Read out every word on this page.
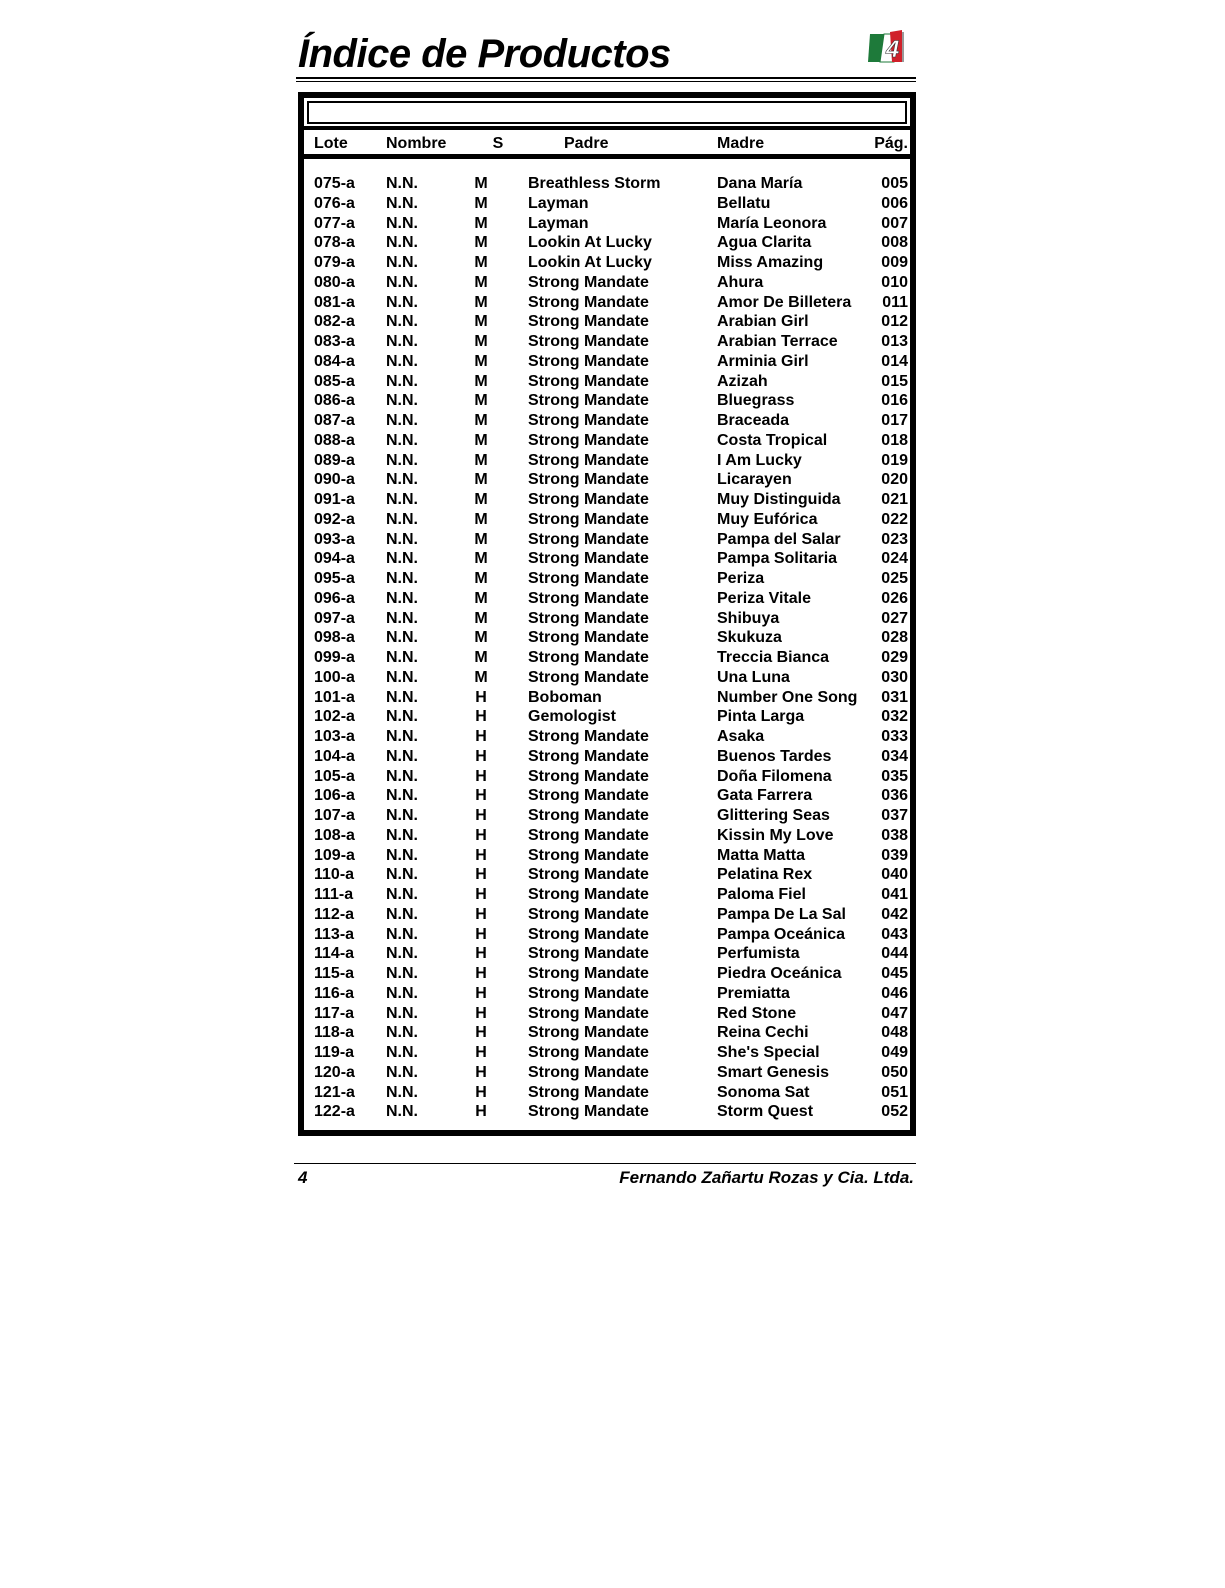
Índice de Productos	4
Lote Nombre	S	Padre	Madre	Pág.
075-a N.N.	M	Breathless Storm	Dana María	005
076-a N.N.	M	Layman	Bellatu	006
077-a N.N.	M	Layman	María Leonora	007
078-a N.N.	M	Lookin At Lucky	Agua Clarita	008
079-a N.N.	M	Lookin At Lucky	Miss Amazing	009
080-a N.N.	M	Strong Mandate	Ahura	010
081-a N.N.	M	Strong Mandate	Amor De Billetera 011
082-a N.N.	M	Strong Mandate	Arabian Girl	012
083-a N.N.	M	Strong Mandate	Arabian Terrace	013
084-a N.N.	M	Strong Mandate	Arminia Girl	014
085-a N.N.	M	Strong Mandate	Azizah	015
086-a N.N.	M	Strong Mandate	Bluegrass	016
087-a N.N.	M	Strong Mandate	Braceada	017
088-a N.N.	M	Strong Mandate	Costa Tropical	018
089-a N.N.	M	Strong Mandate	I Am Lucky	019
090-a N.N.	M	Strong Mandate	Licarayen	020
091-a N.N.	M	Strong Mandate	Muy Distinguida	021
092-a N.N.	M	Strong Mandate	Muy Eufórica	022
093-a N.N.	M	Strong Mandate	Pampa del Salar	023
094-a N.N.	M	Strong Mandate	Pampa Solitaria	024
095-a N.N.	M	Strong Mandate	Periza	025
096-a N.N.	M	Strong Mandate	Periza Vitale	026
097-a N.N.	M	Strong Mandate	Shibuya	027
098-a N.N.	M	Strong Mandate	Skukuza	028
099-a N.N.	M	Strong Mandate	Treccia Bianca	029
100-a N.N.	M	Strong Mandate	Una Luna	030
101-a N.N.	H	Boboman	Number One Song 031
102-a N.N.	H	Gemologist	Pinta Larga	032
103-a N.N.	H	Strong Mandate	Asaka	033
104-a N.N.	H	Strong Mandate	Buenos Tardes	034
105-a N.N.	H	Strong Mandate	Doña Filomena	035
106-a N.N.	H	Strong Mandate	Gata Farrera	036
107-a N.N.	H	Strong Mandate	Glittering Seas	037
108-a N.N.	H	Strong Mandate	Kissin My Love	038
109-a N.N.	H	Strong Mandate	Matta Matta	039
110-a N.N.	H	Strong Mandate	Pelatina Rex	040
111-a N.N.	H	Strong Mandate	Paloma Fiel	041
112-a N.N.	H	Strong Mandate	Pampa De La Sal 042
113-a N.N.	H	Strong Mandate	Pampa Oceánica 043
114-a N.N.	H	Strong Mandate	Perfumista	044
115-a N.N.	H	Strong Mandate	Piedra Oceánica 045
116-a N.N.	H	Strong Mandate	Premiatta	046
117-a N.N.	H	Strong Mandate	Red Stone	047
118-a N.N.	H	Strong Mandate	Reina Cechi	048
119-a N.N.	H	Strong Mandate	She's Special	049
120-a N.N.	H	Strong Mandate	Smart Genesis	050
121-a N.N.	H	Strong Mandate	Sonoma Sat	051
122-a N.N.	H	Strong Mandate	Storm Quest	052
4	Fernando Zañartu Rozas y Cia. Ltda.
